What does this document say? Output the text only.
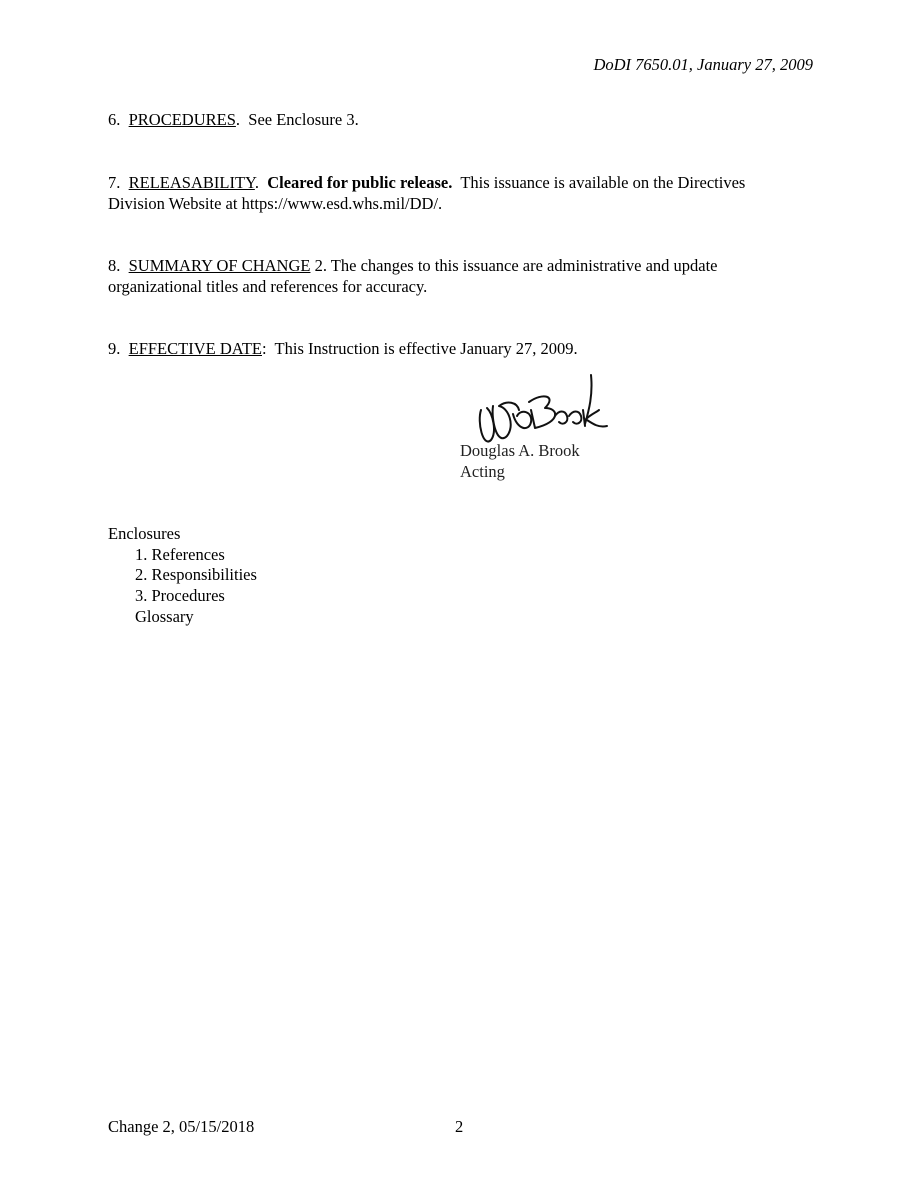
DoDI 7650.01, January 27, 2009
6. PROCEDURES.  See Enclosure 3.
7. RELEASABILITY.  Cleared for public release. This issuance is available on the Directives
Division Website at https://www.esd.whs.mil/DD/.
8. SUMMARY OF CHANGE 2. The changes to this issuance are administrative and update
organizational titles and references for accuracy.
9. EFFECTIVE DATE:  This Instruction is effective January 27, 2009.
Douglas A. Brook
Acting
Enclosures
1. References
2. Responsibilities
3. Procedures
Glossary
Change 2, 05/15/2018	2
